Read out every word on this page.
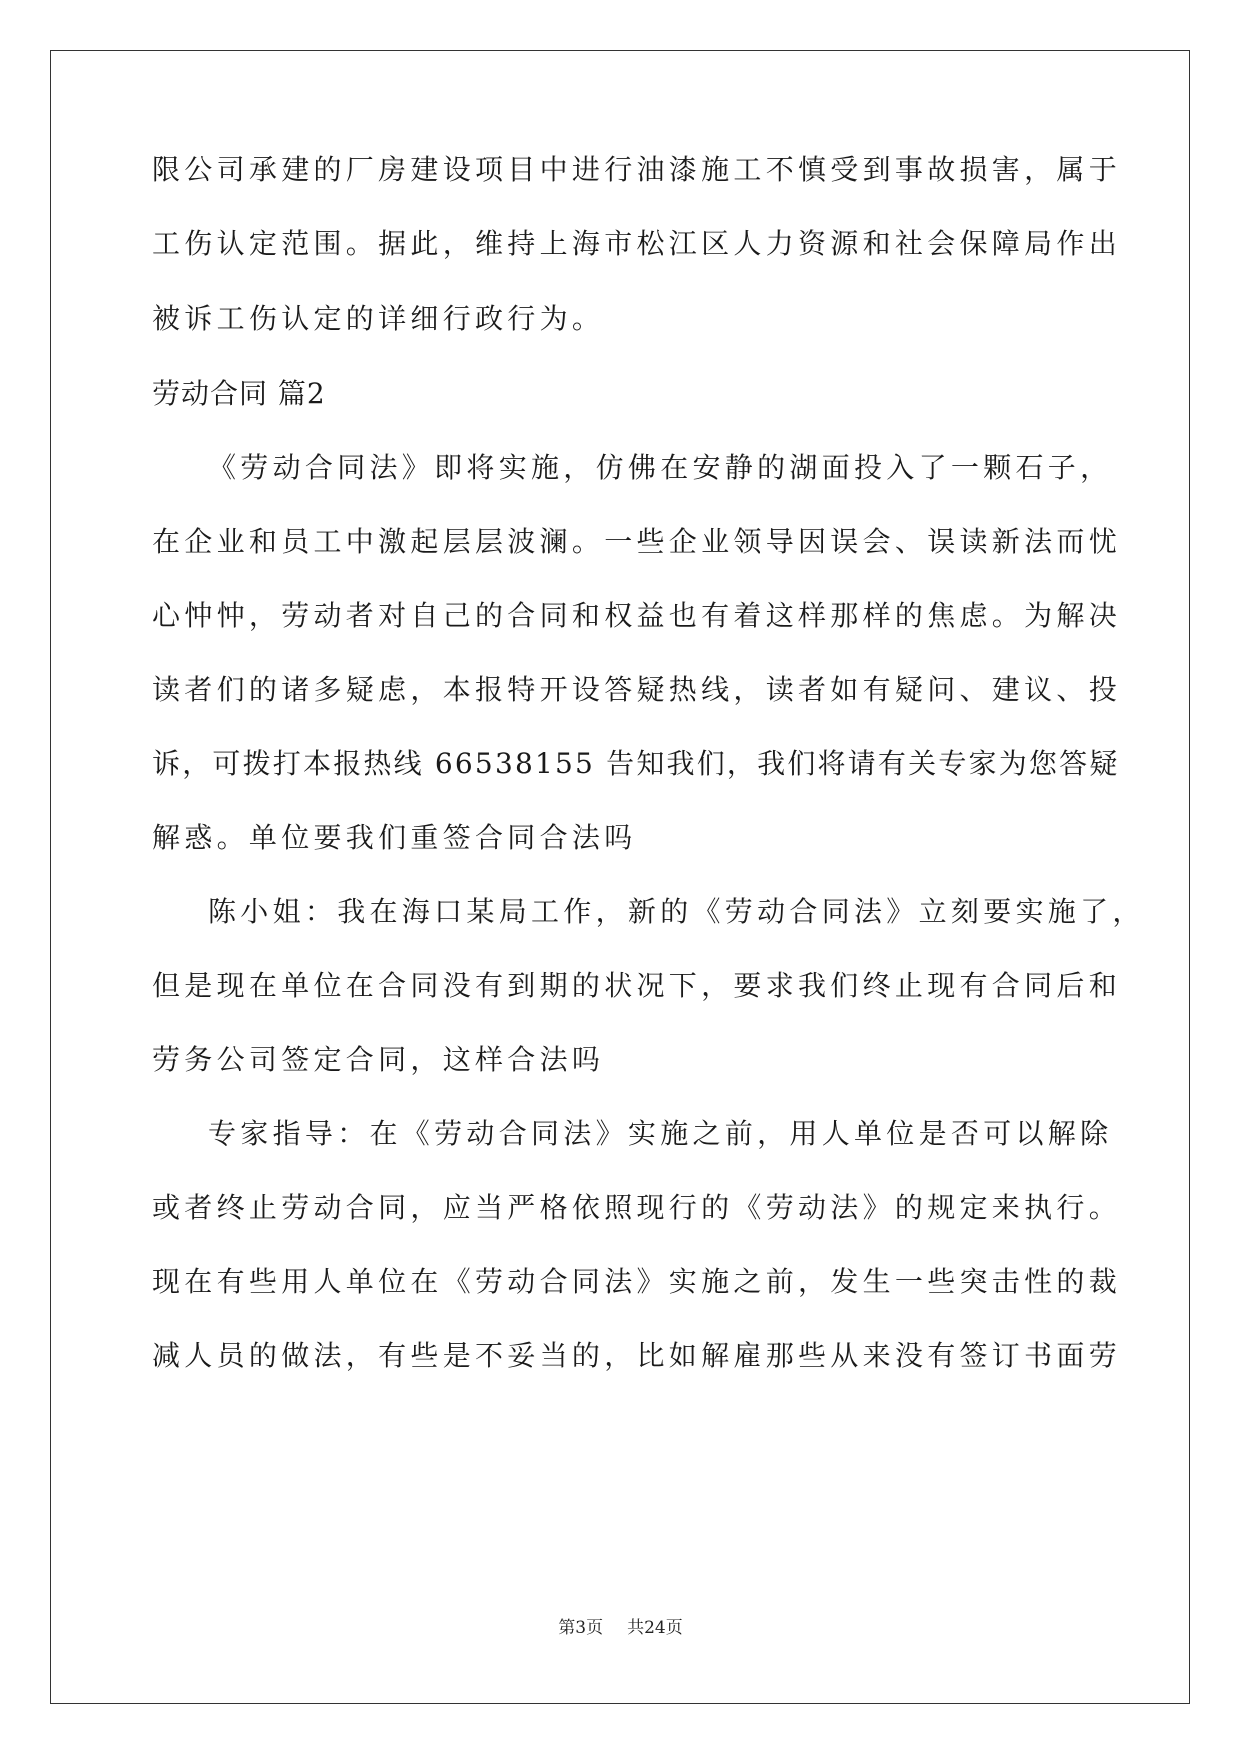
限公司承建的厂房建设项目中进行油漆施工不慎受到事故损害，属于
工伤认定范围。据此，维持上海市松江区人力资源和社会保障局作出
被诉工伤认定的详细行政行为。
劳动合同 篇2
《劳动合同法》即将实施，仿佛在安静的湖面投入了一颗石子，
在企业和员工中激起层层波澜。一些企业领导因误会、误读新法而忧
心忡忡，劳动者对自己的合同和权益也有着这样那样的焦虑。为解决
读者们的诸多疑虑，本报特开设答疑热线，读者如有疑问、建议、投
诉，可拨打本报热线 66538155 告知我们，我们将请有关专家为您答疑
解惑。单位要我们重签合同合法吗
陈小姐：我在海口某局工作，新的《劳动合同法》立刻要实施了，
但是现在单位在合同没有到期的状况下，要求我们终止现有合同后和
劳务公司签定合同，这样合法吗
专家指导：在《劳动合同法》实施之前，用人单位是否可以解除
或者终止劳动合同，应当严格依照现行的《劳动法》的规定来执行。
现在有些用人单位在《劳动合同法》实施之前，发生一些突击性的裁
减人员的做法，有些是不妥当的，比如解雇那些从来没有签订书面劳
第3页 共24页
